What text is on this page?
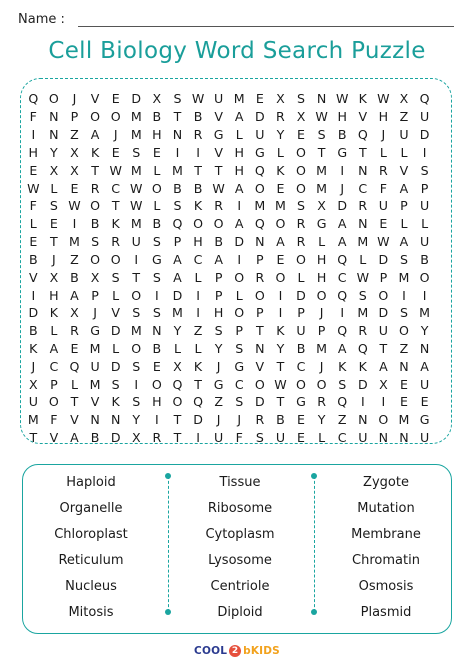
Name :
Cell Biology Word Search Puzzle
Q O	J	V E D X S W U M E X S N W K W X Q
F N P O O M B T B V A D R X W H V H Z U
I	N Z A	J	M H N R G L U Y	E	S B Q	J	U D
H Y X K E	S	E	I	I	V H G L O T G T	L	L	I
E X X T W M L M T	T H Q K O M	I	N R V S
W L	E R C W O B B W A O E O M	J	C F	A P
F	S W O T W L	S K R	I	M M S X D R U P U
L	E	I	B K M B Q O O A Q O R G A N E	L	L
E	T M S R U S	P H B D N A R	L	A M W A U
B	J	Z O O	I	G A C A	I	P	E O H Q L D S B
V X B X S	T	S A	L	P O R O L H C W P M O
I	H A P	L O	I	D	I	P	L O	I	D O Q S O	I	I
D K X	J	V S S M	I	H O P	I	P	J	I	M D S M
B	L	R G D M N Y Z S	P	T	K U P Q R U O Y
K A E M L O B	L	L	Y	S N Y B M A Q T Z N
J	C Q U D S	E X K	J	G V T C	J	K K A N A
X P	L M S	I	O Q T G C O W O O S D X E U
U O T V K S H O Q Z S D T G R Q	I	I	E	E
M F	V N N Y	I	T D	J	J	R B E	Y Z N O M G
T V A B D X R T	I	U F	S U E	L	C U N N U
Haploid
Organelle
Chloroplast
Reticulum
Nucleus
Mitosis
Tissue
Ribosome
Cytoplasm
Lysosome
Centriole
Diploid
Zygote
Mutation
Membrane
Chromatin
Osmosis
Plasmid
COOL 2 bKIDS
